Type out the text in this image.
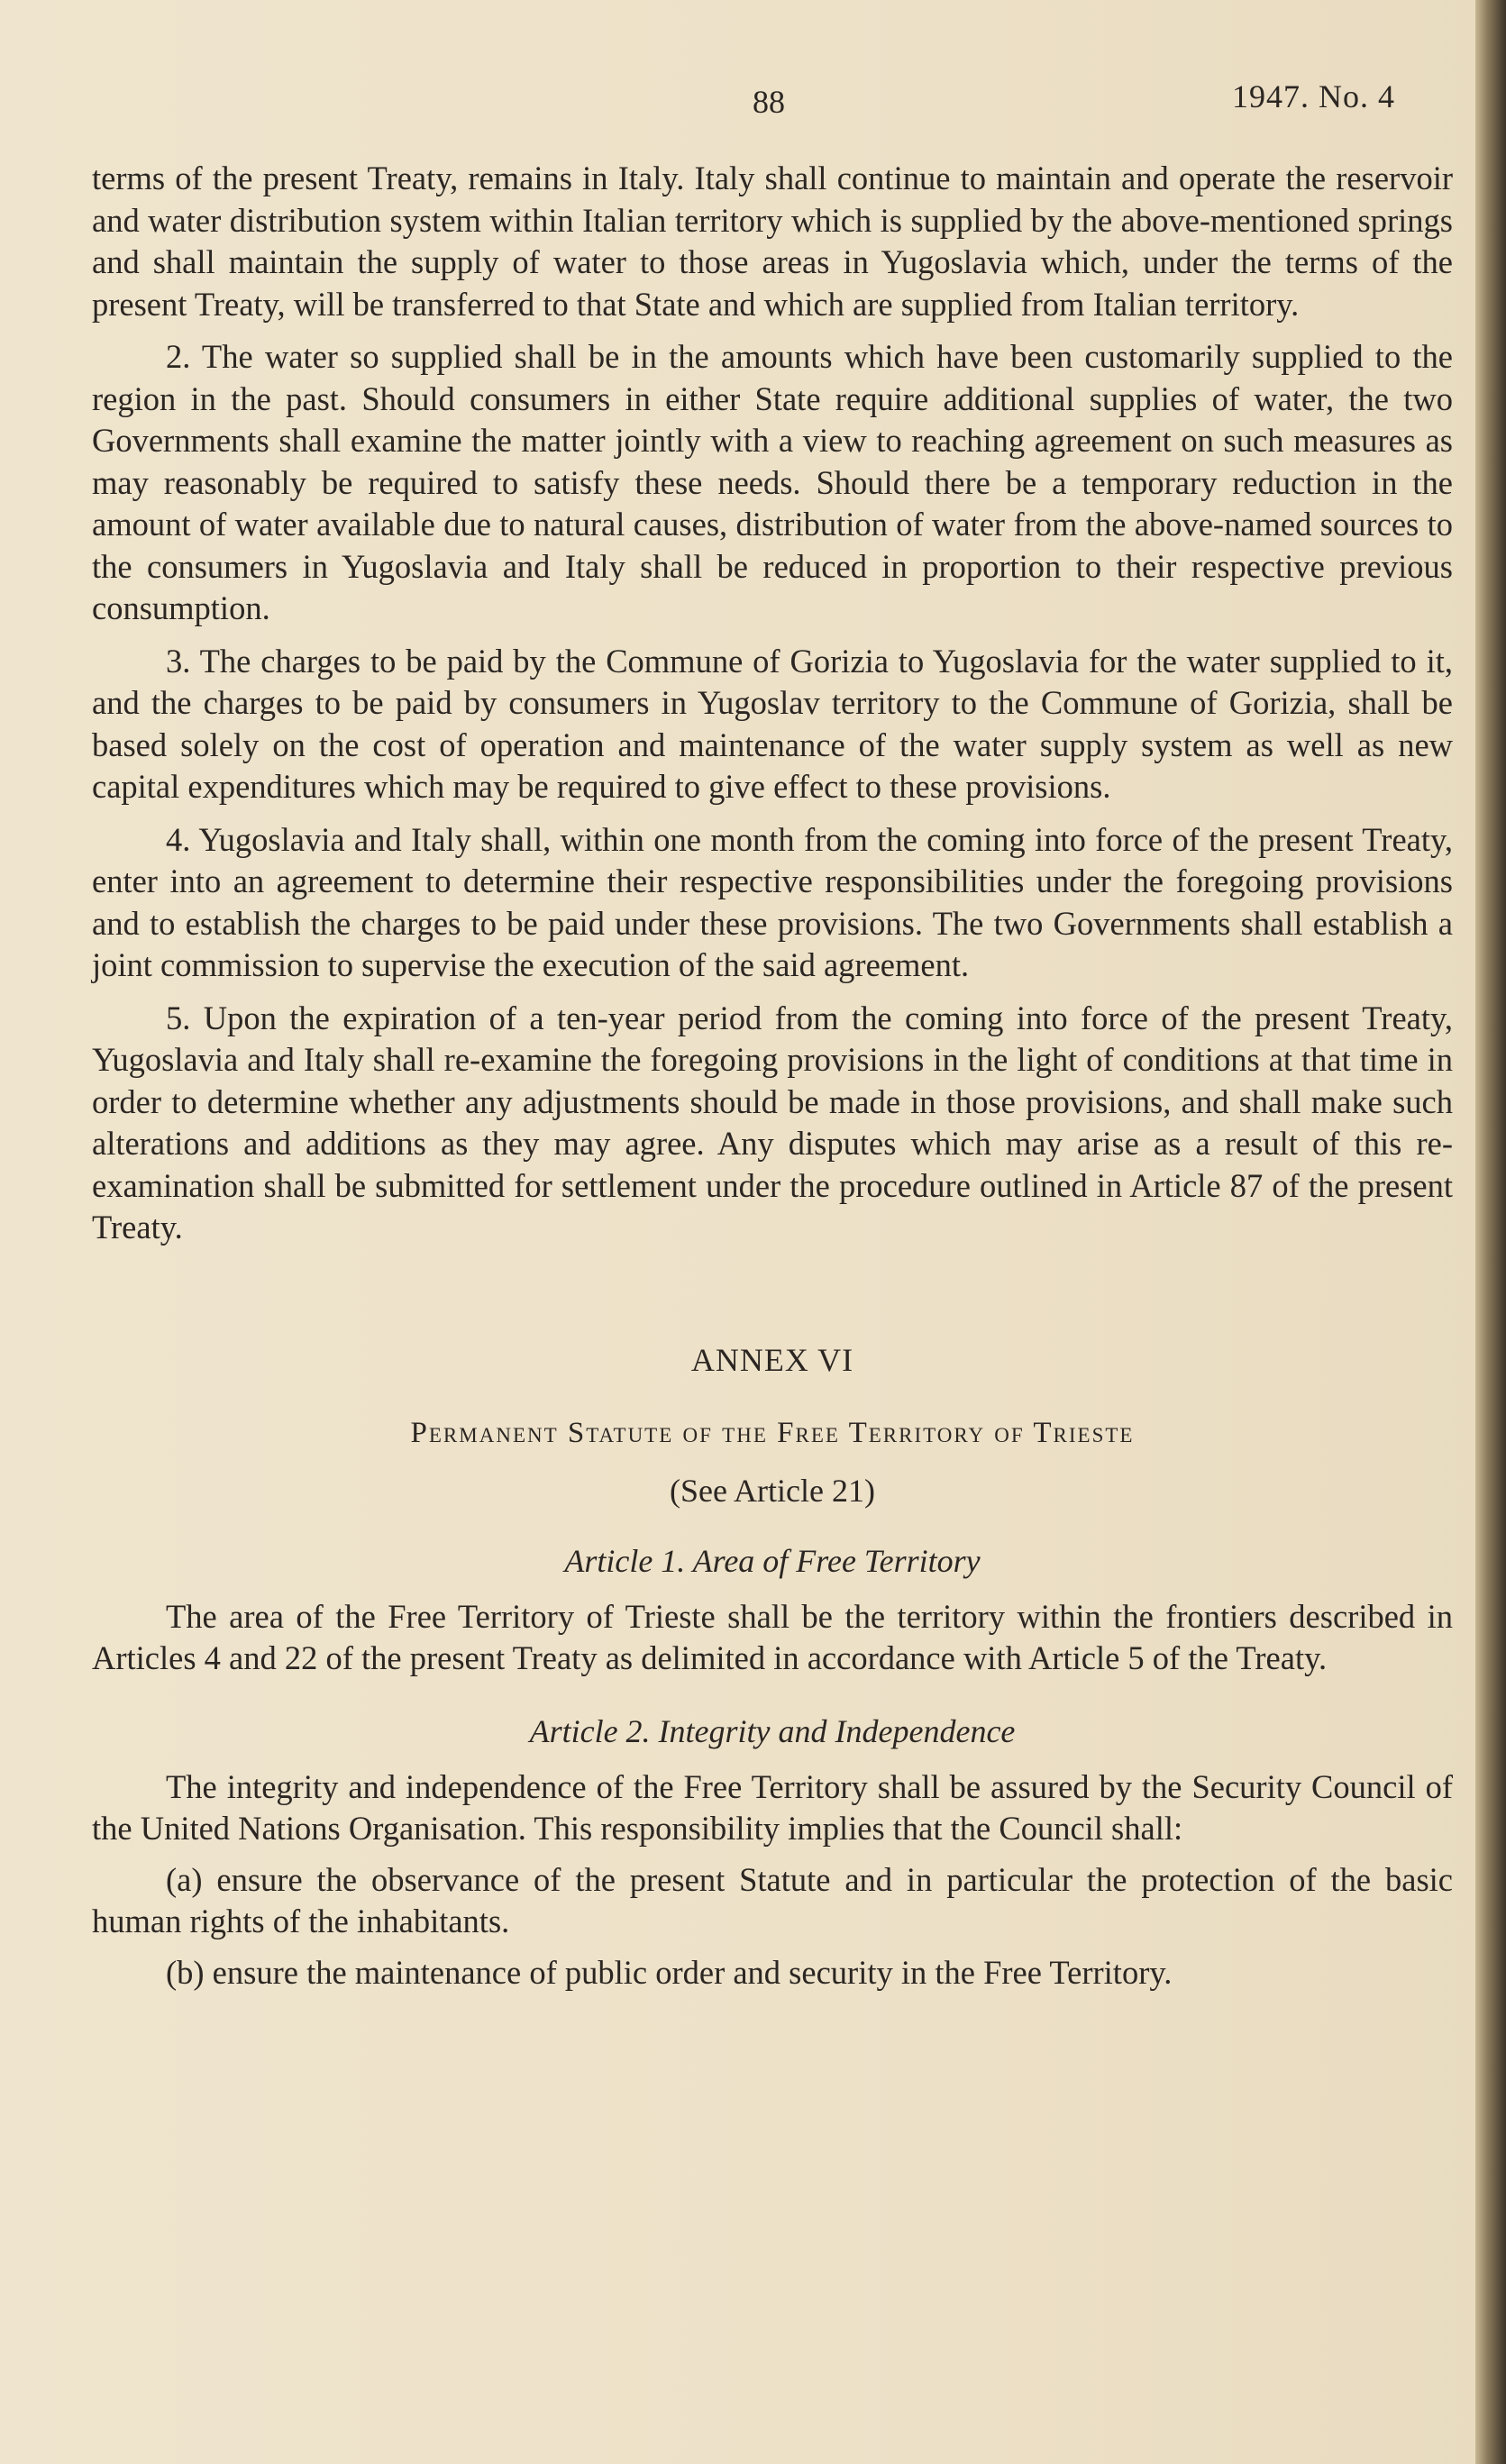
88	1947. No. 4

terms of the present Treaty, remains in Italy. Italy shall continue to maintain and operate the reservoir and water distribution system within Italian territory which is supplied by the above-mentioned springs and shall maintain the supply of water to those areas in Yugoslavia which, under the terms of the present Treaty, will be transferred to that State and which are supplied from Italian territory.

2. The water so supplied shall be in the amounts which have been customarily supplied to the region in the past. Should consumers in either State require additional supplies of water, the two Governments shall examine the matter jointly with a view to reaching agreement on such measures as may reasonably be required to satisfy these needs. Should there be a temporary reduction in the amount of water available due to natural causes, distribution of water from the above-named sources to the consumers in Yugoslavia and Italy shall be reduced in proportion to their respective previous consumption.

3. The charges to be paid by the Commune of Gorizia to Yugoslavia for the water supplied to it, and the charges to be paid by consumers in Yugoslav territory to the Commune of Gorizia, shall be based solely on the cost of operation and maintenance of the water supply system as well as new capital expenditures which may be required to give effect to these provisions.

4. Yugoslavia and Italy shall, within one month from the coming into force of the present Treaty, enter into an agreement to determine their respective responsibilities under the foregoing provisions and to establish the charges to be paid under these provisions. The two Governments shall establish a joint commission to supervise the execution of the said agreement.

5. Upon the expiration of a ten-year period from the coming into force of the present Treaty, Yugoslavia and Italy shall re-examine the foregoing provisions in the light of conditions at that time in order to determine whether any adjustments should be made in those provisions, and shall make such alterations and additions as they may agree. Any disputes which may arise as a result of this re-examination shall be submitted for settlement under the procedure outlined in Article 87 of the present Treaty.

ANNEX VI
Permanent Statute of the Free Territory of Trieste
(See Article 21)
Article 1. Area of Free Territory

The area of the Free Territory of Trieste shall be the territory within the frontiers described in Articles 4 and 22 of the present Treaty as delimited in accordance with Article 5 of the Treaty.

Article 2. Integrity and Independence

The integrity and independence of the Free Territory shall be assured by the Security Council of the United Nations Organisation. This responsibility implies that the Council shall:

(a) ensure the observance of the present Statute and in particular the protection of the basic human rights of the inhabitants.

(b) ensure the maintenance of public order and security in the Free Territory.
